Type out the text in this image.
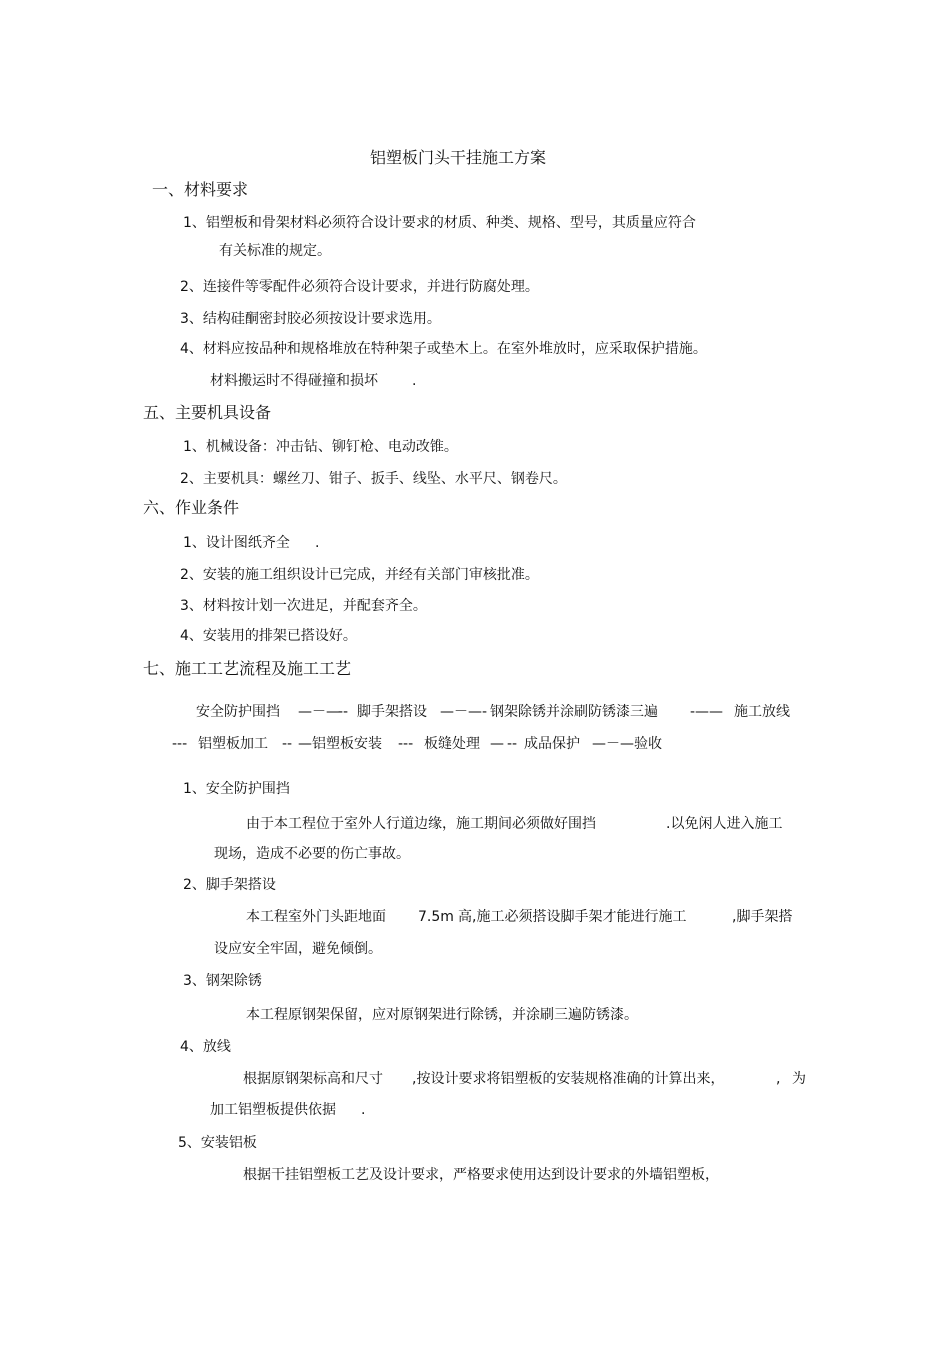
铝塑板门头干挂施工方案
一、材料要求
1、铝塑板和骨架材料必须符合设计要求的材质、种类、规格、型号，其质量应符合
有关标准的规定。
2、连接件等零配件必须符合设计要求，并进行防腐处理。
3、结构硅酮密封胶必须按设计要求选用。
4、材料应按品种和规格堆放在特种架子或垫木上。在室外堆放时，应采取保护措施。
材料搬运时不得碰撞和损坏 .
五、主要机具设备
1、机械设备：冲击钻、铆钉枪、电动改锥。
2、主要机具：螺丝刀、钳子、扳手、线坠、水平尺、钢卷尺。
六、作业条件
1、设计图纸齐全 .
2、安装的施工组织设计已完成，并经有关部门审核批准。
3、材料按计划一次进足，并配套齐全。
4、安装用的排架已搭设好。
七、施工工艺流程及施工工艺
安全防护围挡 —－—
-- 脚手架搭设 —－— - 钢架除锈并涂刷防锈漆三遍 -—— 施工放线
--- 铝塑板加工 -- —铝塑板安装 --- 板缝处理 — -- 成品保护 —－— 验收
1、安全防护围挡
由于本工程位于室外人行道边缘，施工期间必须做好围挡	.以免闲人进入施工
现场，造成不必要的伤亡事故。
2、脚手架搭设
本工程室外门头距地面 7.5m 高 ,施工必须搭设脚手架才能进行施工	,脚手架搭
设应安全牢固，避免倾倒。
3、钢架除锈
本工程原钢架保留，应对原钢架进行除锈，并涂刷三遍防锈漆。
4、放线
根据原钢架标高和尺寸 ,按设计要求将铝塑板的安装规格准确的计算出来，	, 为
加工铝塑板提供依据 .
5、安装铝板
根据干挂铝塑板工艺及设计要求，严格要求使用达到设计要求的外墙铝塑板，
